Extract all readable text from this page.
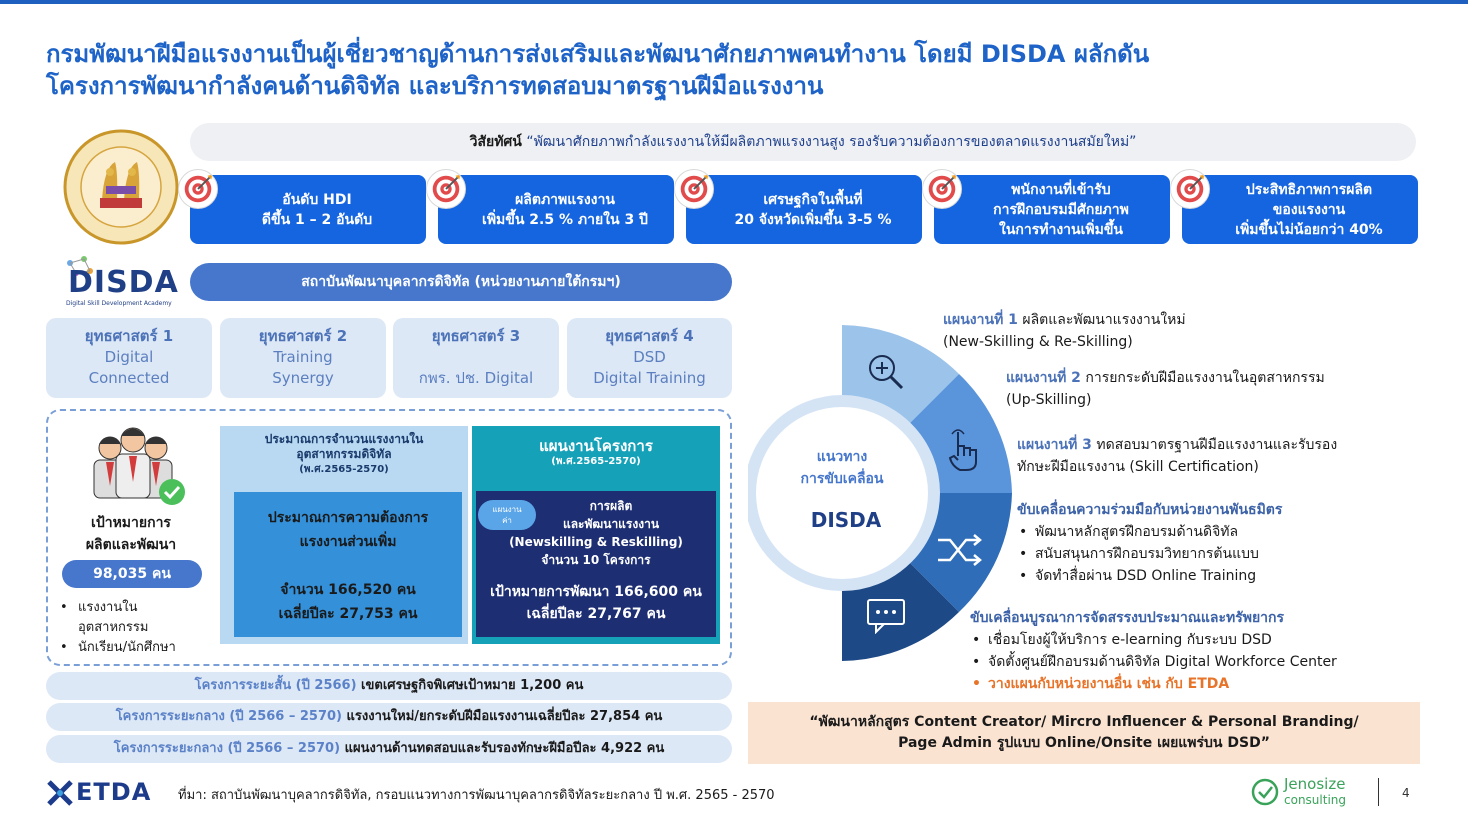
กรมพัฒนาฝีมือแรงงานเป็นผู้เชี่ยวชาญด้านการส่งเสริมและพัฒนาศักยภาพคนทำงาน โดยมี DISDA ผลักดัน
โครงการพัฒนากำลังคนด้านดิจิทัล และบริการทดสอบมาตรฐานฝีมือแรงงาน
วิสัยทัศน์ “พัฒนาศักยภาพกำลังแรงงานให้มีผลิตภาพแรงงานสูง รองรับความต้องการของตลาดแรงงานสมัยใหม่”
อันดับ HDI
ดีขึ้น 1 – 2 อันดับ
ผลิตภาพแรงงาน
เพิ่มขึ้น 2.5 % ภายใน 3 ปี
เศรษฐกิจในพื้นที่
20 จังหวัดเพิ่มขึ้น 3-5 %
พนักงานที่เข้ารับ
การฝึกอบรมมีศักยภาพ
ในการทำงานเพิ่มขึ้น
ประสิทธิภาพการผลิต
ของแรงงาน
เพิ่มขึ้นไม่น้อยกว่า 40%
DISDA
Digital Skill Development Academy
สถาบันพัฒนาบุคลากรดิจิทัล (หน่วยงานภายใต้กรมฯ)
ยุทธศาสตร์ 1
Digital
Connected
ยุทธศาสตร์ 2
Training
Synergy
ยุทธศาสตร์ 3
กพร. ปช. Digital
ยุทธศาสตร์ 4
DSD
Digital Training
เป้าหมายการ
ผลิตและพัฒนา
98,035 คน
• แรงงานใน
อุตสาหกรรม
• นักเรียน/นักศึกษา
ประมาณการจำนวนแรงงานใน
อุตสาหกรรมดิจิทัล
(พ.ศ.2565-2570)
ประมาณการความต้องการ
แรงงานส่วนเพิ่ม
จำนวน 166,520 คน
เฉลี่ยปีละ 27,753 คน
แผนงานโครงการ
(พ.ศ.2565-2570)
การผลิต
และพัฒนาแรงงาน
(Newskilling & Reskilling)
จำนวน 10 โครงการ
เป้าหมายการพัฒนา 166,600 คน
เฉลี่ยปีละ 27,767 คน
แผนงาน
ค่า
โครงการระยะสั้น (ปี 2566) เขตเศรษฐกิจพิเศษเป้าหมาย 1,200 คน
โครงการระยะกลาง (ปี 2566 – 2570) แรงงานใหม่/ยกระดับฝีมือแรงงานเฉลี่ยปีละ 27,854 คน
โครงการระยะกลาง (ปี 2566 – 2570) แผนงานด้านทดสอบและรับรองทักษะฝีมือปีละ 4,922 คน
แนวทาง
การขับเคลื่อน
DISDA
แผนงานที่ 1 ผลิตและพัฒนาแรงงานใหม่
(New-Skilling & Re-Skilling)
แผนงานที่ 2 การยกระดับฝีมือแรงงานในอุตสาหกรรม
(Up-Skilling)
แผนงานที่ 3 ทดสอบมาตรฐานฝีมือแรงงานและรับรอง
ทักษะฝีมือแรงงาน (Skill Certification)
ขับเคลื่อนความร่วมมือกับหน่วยงานพันธมิตร
• พัฒนาหลักสูตรฝึกอบรมด้านดิจิทัล
• สนับสนุนการฝึกอบรมวิทยากรต้นแบบ
• จัดทำสื่อผ่าน DSD Online Training
ขับเคลื่อนบูรณาการจัดสรรงบประมาณและทรัพยากร
• เชื่อมโยงผู้ให้บริการ e-learning กับระบบ DSD
• จัดตั้งศูนย์ฝึกอบรมด้านดิจิทัล Digital Workforce Center
• วางแผนกับหน่วยงานอื่น เช่น กับ ETDA
“พัฒนาหลักสูตร Content Creator/ Mircro Influencer & Personal Branding/
Page Admin รูปแบบ Online/Onsite เผยแพร่บน DSD”
ETDA ที่มา: สถาบันพัฒนาบุคลากรดิจิทัล, กรอบแนวทางการพัฒนาบุคลากรดิจิทัลระยะกลาง ปี พ.ศ. 2565 - 2570
Jenosize
consulting	4
